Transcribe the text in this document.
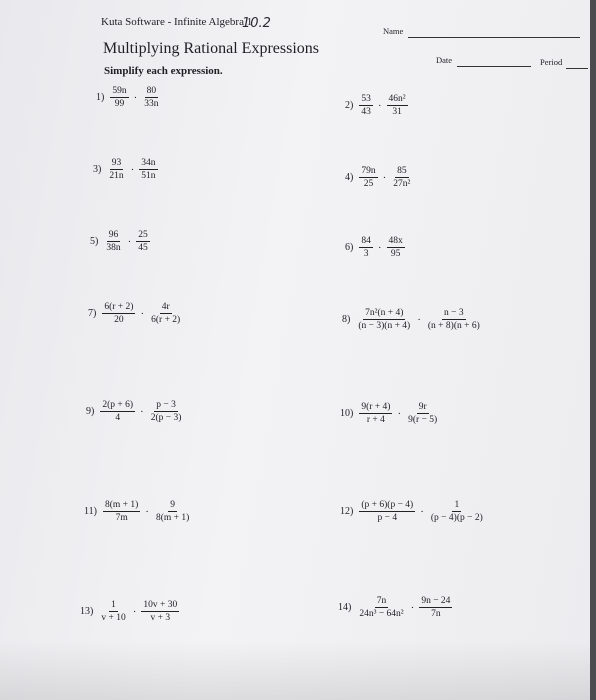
Kuta Software - Infinite Algebra 1
10.2	Name
Multiplying Rational Expressions
Date	Period
Simplify each expression.
$1) \frac{59n}{99} \cdot \frac{80}{33n}$	$2) \frac{53}{43} \cdot \frac{\text{46n²}}{31}$
$3) \frac{93}{21n} \cdot \frac{34n}{51n}$	$4) \frac{79n}{25} \cdot \frac{85}{\text{27n²}}$
$5) \frac{96}{38n} \cdot \frac{25}{45}$	$6) \frac{84}{3} \cdot \frac{48x}{95}$
$7) \frac{6(r + 2)}{20} \cdot \frac{4r}{6(r + 2)}$	$8) \frac{\text{7n²(n + 4)}}{(n - 3)(n + 4)} \cdot \frac{n - 3}{(n + 8)(n + 6)}$
$9) \frac{2(p + 6)}{4} \cdot \frac{p - 3}{2(p - 3)}$	$10) \frac{9(r + 4)}{r + 4} \cdot \frac{9r}{9(r - 5)}$
$11) \frac{8(m + 1)}{7m} \cdot \frac{9}{8(m + 1)}$	$12) \frac{(p + 6)(p - 4)}{p - 4} \cdot \frac{1}{(p - 4)(p - 2)}$
$13) \frac{1}{v + 10} \cdot \frac{10v + 30}{v + 3}$	$14) \frac{7n}{\text{24n³ − 64n²}} \cdot \frac{9n - 24}{7n}$
